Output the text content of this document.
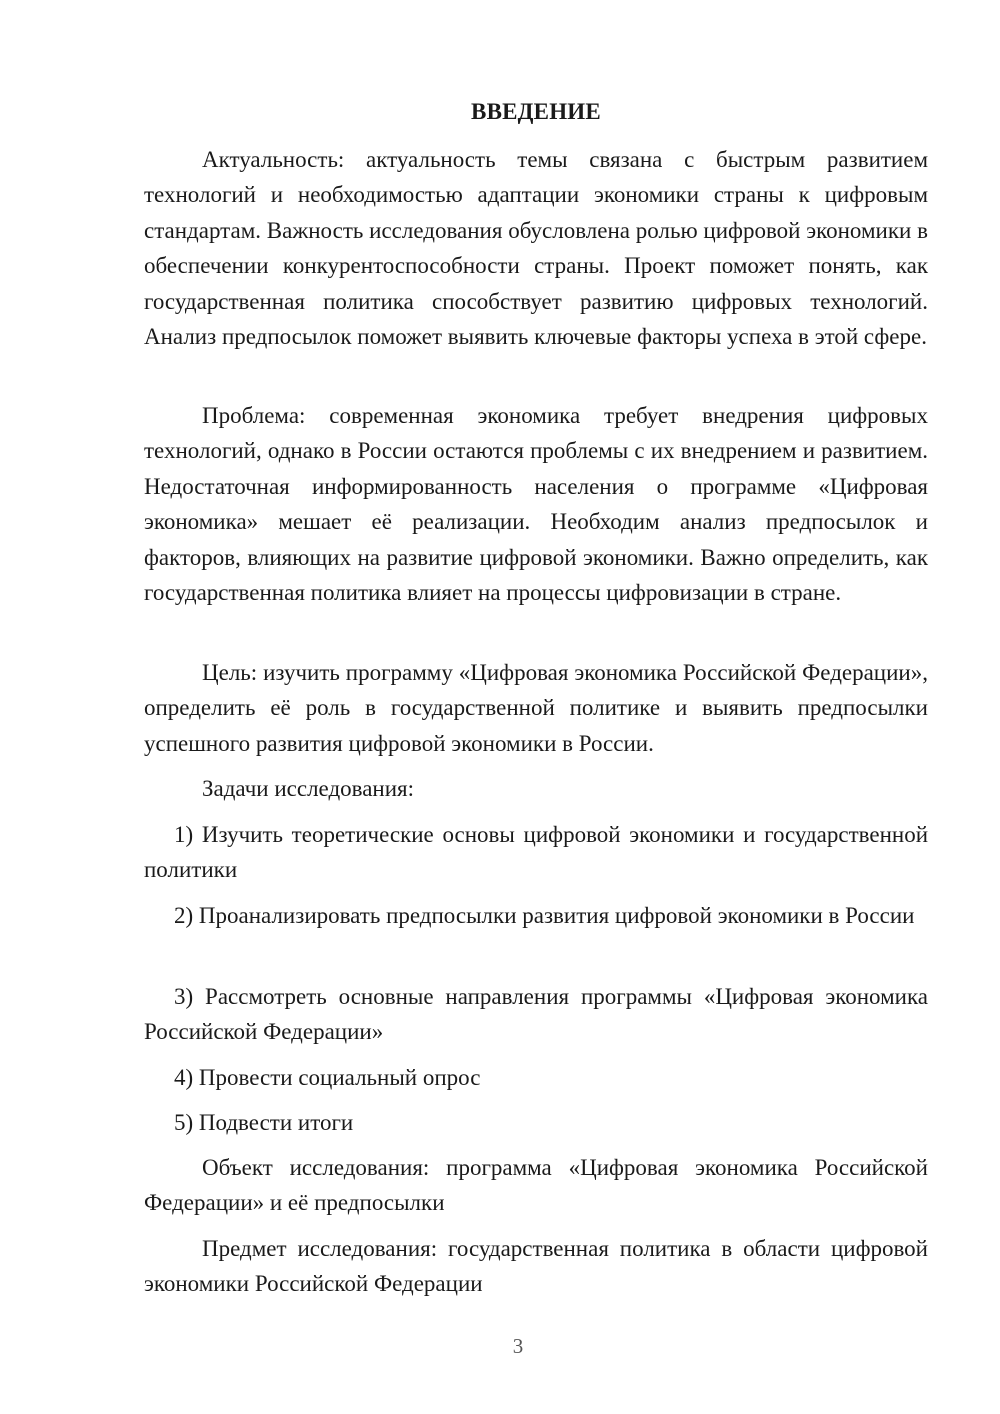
ВВЕДЕНИЕ

Актуальность: актуальность темы связана с быстрым развитием технологий и необходимостью адаптации экономики страны к цифровым стандартам. Важность исследования обусловлена ролью цифровой экономики в обеспечении конкурентоспособности страны. Проект поможет понять, как государственная политика способствует развитию цифровых технологий. Анализ предпосылок поможет выявить ключевые факторы успеха в этой сфере.

Проблема: современная экономика требует внедрения цифровых технологий, однако в России остаются проблемы с их внедрением и развитием. Недостаточная информированность населения о программе «Цифровая экономика» мешает её реализации. Необходим анализ предпосылок и факторов, влияющих на развитие цифровой экономики. Важно определить, как государственная политика влияет на процессы цифровизации в стране.

Цель: изучить программу «Цифровая экономика Российской Федерации», определить её роль в государственной политике и выявить предпосылки успешного развития цифровой экономики в России.

Задачи исследования:

1) Изучить теоретические основы цифровой экономики и государственной политики

2) Проанализировать предпосылки развития цифровой экономики в России

3) Рассмотреть основные направления программы «Цифровая экономика Российской Федерации»

4) Провести социальный опрос

5) Подвести итоги

Объект исследования: программа «Цифровая экономика Российской Федерации» и её предпосылки

Предмет исследования: государственная политика в области цифровой экономики Российской Федерации

3
